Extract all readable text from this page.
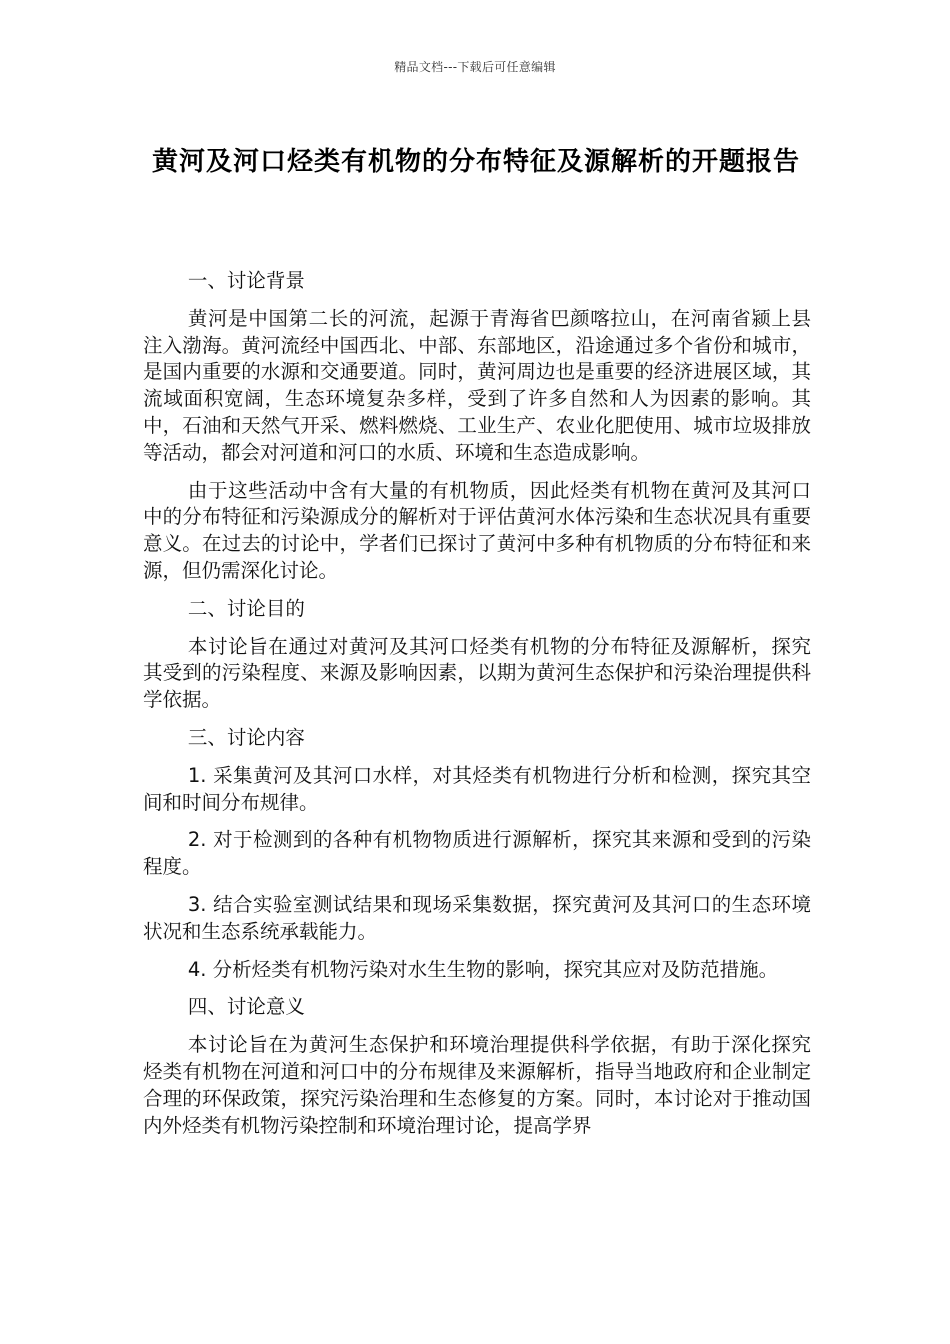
精品文档---下载后可任意编辑
黄河及河口烃类有机物的分布特征及源解析的开题报告

一、讨论背景

黄河是中国第二长的河流，起源于青海省巴颜喀拉山，在河南省颍上县注入渤海。黄河流经中国西北、中部、东部地区，沿途通过多个省份和城市，是国内重要的水源和交通要道。同时，黄河周边也是重要的经济进展区域，其流域面积宽阔，生态环境复杂多样，受到了许多自然和人为因素的影响。其中，石油和天然气开采、燃料燃烧、工业生产、农业化肥使用、城市垃圾排放等活动，都会对河道和河口的水质、环境和生态造成影响。

由于这些活动中含有大量的有机物质，因此烃类有机物在黄河及其河口中的分布特征和污染源成分的解析对于评估黄河水体污染和生态状况具有重要意义。在过去的讨论中，学者们已探讨了黄河中多种有机物质的分布特征和来源，但仍需深化讨论。

二、讨论目的

本讨论旨在通过对黄河及其河口烃类有机物的分布特征及源解析，探究其受到的污染程度、来源及影响因素，以期为黄河生态保护和污染治理提供科学依据。

三、讨论内容

1. 采集黄河及其河口水样，对其烃类有机物进行分析和检测，探究其空间和时间分布规律。

2. 对于检测到的各种有机物物质进行源解析，探究其来源和受到的污染程度。

3. 结合实验室测试结果和现场采集数据，探究黄河及其河口的生态环境状况和生态系统承载能力。

4. 分析烃类有机物污染对水生生物的影响，探究其应对及防范措施。

四、讨论意义

本讨论旨在为黄河生态保护和环境治理提供科学依据，有助于深化探究烃类有机物在河道和河口中的分布规律及来源解析，指导当地政府和企业制定合理的环保政策，探究污染治理和生态修复的方案。同时，本讨论对于推动国内外烃类有机物污染控制和环境治理讨论，提高学界
